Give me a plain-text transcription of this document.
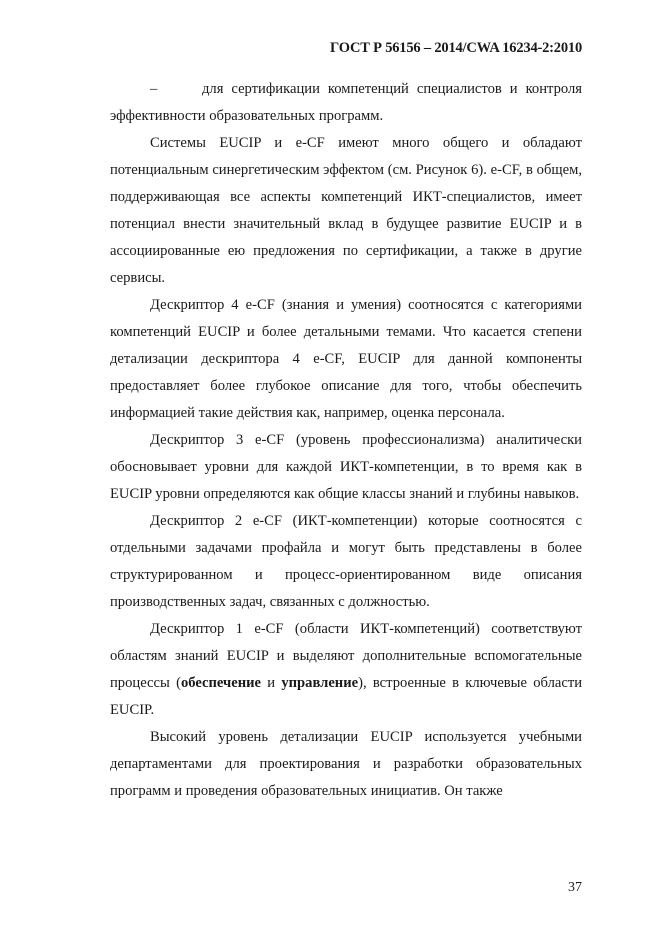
ГОСТ Р 56156 – 2014/CWA 16234-2:2010

–	для сертификации компетенций специалистов и контроля эффективности образовательных программ.

Системы EUCIP и e-CF имеют много общего и обладают потенциальным синергетическим эффектом (см. Рисунок 6). e-CF, в общем, поддерживающая все аспекты компетенций ИКТ-специалистов, имеет потенциал внести значительный вклад в будущее развитие EUCIP и в ассоциированные ею предложения по сертификации, а также в другие сервисы.

Дескриптор 4 e-CF (знания и умения) соотносятся с категориями компетенций EUCIP и более детальными темами. Что касается степени детализации дескриптора 4 e-CF, EUCIP для данной компоненты предоставляет более глубокое описание для того, чтобы обеспечить информацией такие действия как, например, оценка персонала.

Дескриптор 3 e-CF (уровень профессионализма) аналитически обосновывает уровни для каждой ИКТ-компетенции, в то время как в EUCIP уровни определяются как общие классы знаний и глубины навыков.

Дескриптор 2 e-CF (ИКТ-компетенции) которые соотносятся с отдельными задачами профайла и могут быть представлены в более структурированном и процесс-ориентированном виде описания производственных задач, связанных с должностью.

Дескриптор 1 e-CF (области ИКТ-компетенций) соответствуют областям знаний EUCIP и выделяют дополнительные вспомогательные процессы (обеспечение и управление), встроенные в ключевые области EUCIP.

Высокий уровень детализации EUCIP используется учебными департаментами для проектирования и разработки образовательных программ и проведения образовательных инициатив. Он также

37
